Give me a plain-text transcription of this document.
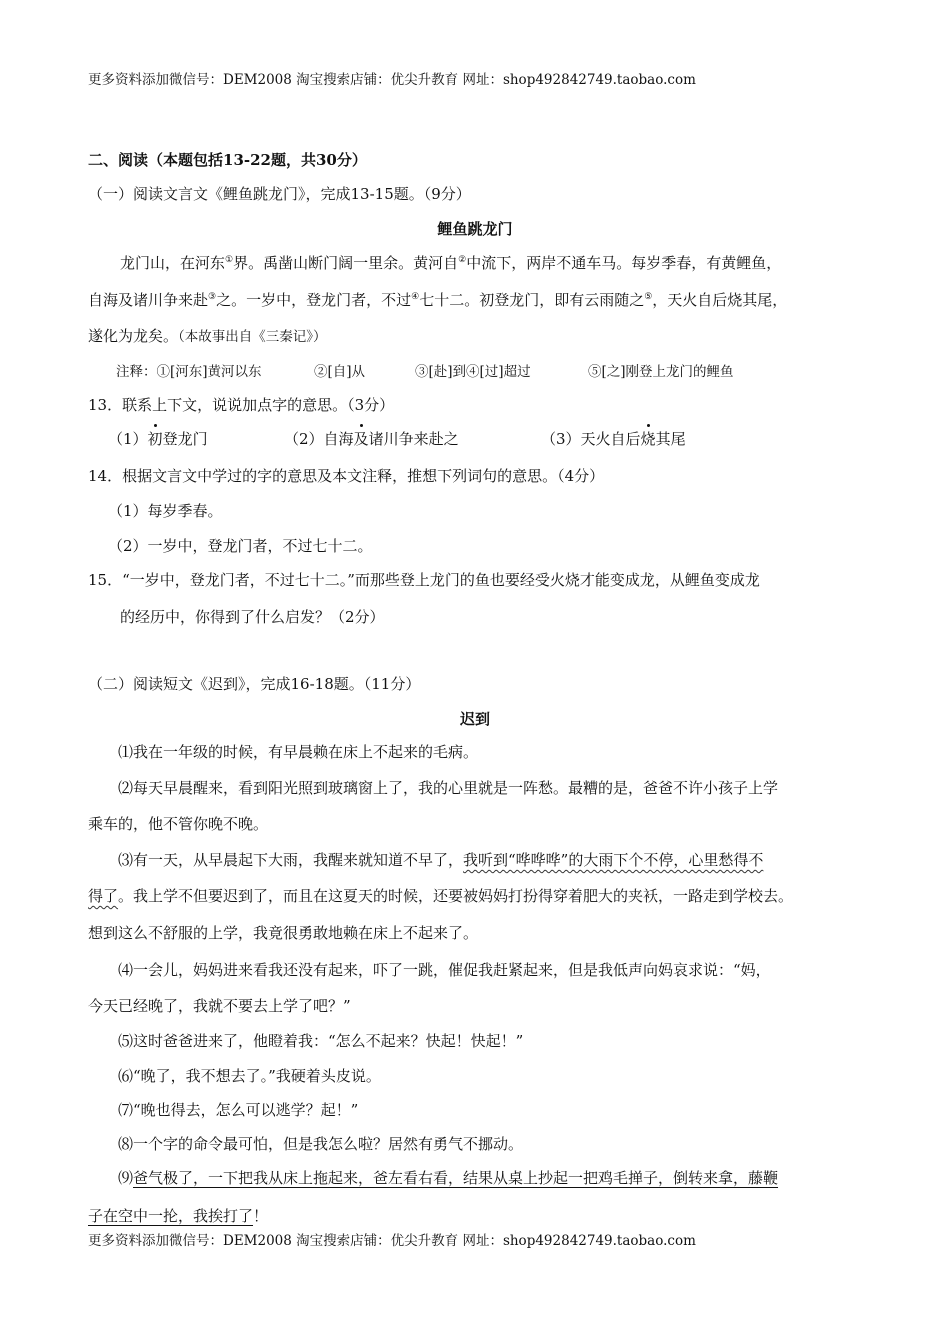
更多资料添加微信号：DEM2008 淘宝搜索店铺：优尖升教育 网址：shop492842749.taobao.com
二、阅读（本题包括13-22题，共30分）
（一）阅读文言文《鲤鱼跳龙门》，完成13-15题。（9分）
鲤鱼跳龙门
龙门山，在河东①界。禹凿山断门阔一里余。黄河自②中流下，两岸不通车马。每岁季春，有黄鲤鱼，
自海及诸川争来赴③之。一岁中，登龙门者，不过④七十二。初登龙门，即有云雨随之⑤，天火自后烧其尾，
遂化为龙矣。（本故事出自《三秦记》）
注释：①[河东]黄河以东	②[自]从	③[赴]到④[过]超过	⑤[之]刚登上龙门的鲤鱼
13．联系上下文，说说加点字的意思。（3分）
（1）初登龙门	（2）自海及诸川争来赴之	（3）天火自后烧其尾
14．根据文言文中学过的字的意思及本文注释，推想下列词句的意思。（4分）
（1）每岁季春。
（2）一岁中，登龙门者，不过七十二。
15．“一岁中，登龙门者，不过七十二。”而那些登上龙门的鱼也要经受火烧才能变成龙，从鲤鱼变成龙
的经历中，你得到了什么启发？（2分）
（二）阅读短文《迟到》，完成16-18题。（11分）
迟到
⑴我在一年级的时候，有早晨赖在床上不起来的毛病。
⑵每天早晨醒来，看到阳光照到玻璃窗上了，我的心里就是一阵愁。最糟的是，爸爸不许小孩子上学
乘车的，他不管你晚不晚。
⑶有一天，从早晨起下大雨，我醒来就知道不早了，我听到“哗哗哗”的大雨下个不停，心里愁得不
得了。我上学不但要迟到了，而且在这夏天的时候，还要被妈妈打扮得穿着肥大的夹袄，一路走到学校去。
想到这么不舒服的上学，我竟很勇敢地赖在床上不起来了。
⑷一会儿，妈妈进来看我还没有起来，吓了一跳，催促我赶紧起来，但是我低声向妈哀求说：“妈，
今天已经晚了，我就不要去上学了吧？”
⑸这时爸爸进来了，他瞪着我：“怎么不起来？快起！快起！”
⑹“晚了，我不想去了。”我硬着头皮说。
⑺“晚也得去，怎么可以逃学？起！”
⑻一个字的命令最可怕，但是我怎么啦？居然有勇气不挪动。
⑼爸气极了，一下把我从床上拖起来，爸左看右看，结果从桌上抄起一把鸡毛掸子，倒转来拿，藤鞭
子在空中一抡，我挨打了！
更多资料添加微信号：DEM2008 淘宝搜索店铺：优尖升教育 网址：shop492842749.taobao.com
